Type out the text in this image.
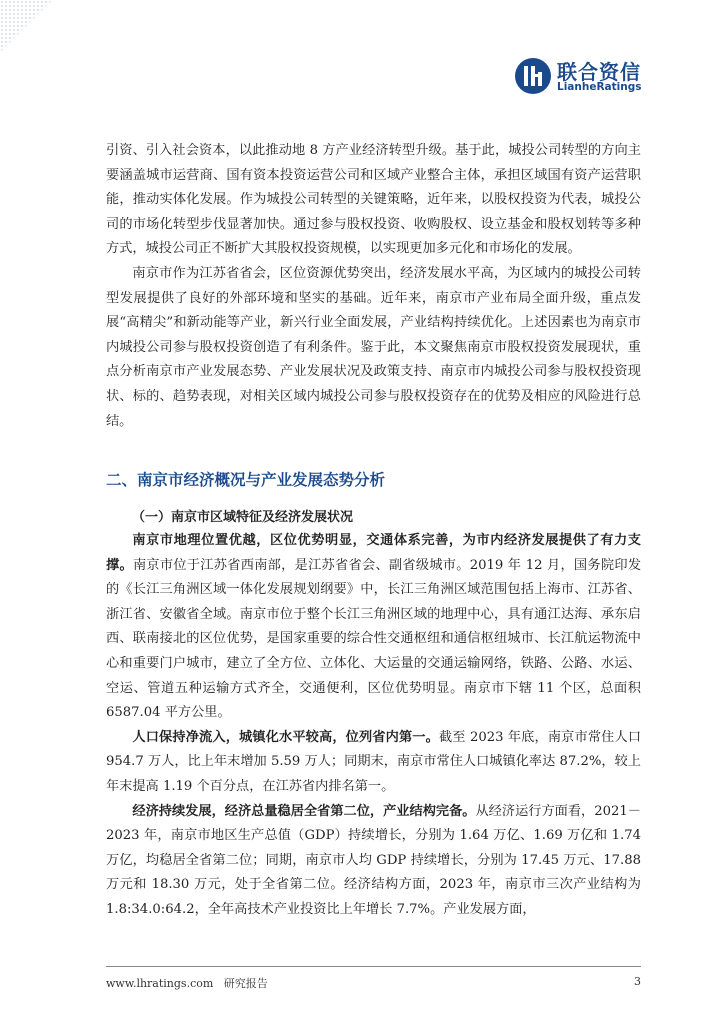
联合资信
LianheRatings

引资、引入社会资本，以此推动地 8 方产业经济转型升级。基于此，城投公司转型的方向主要涵盖城市运营商、国有资本投资运营公司和区域产业整合主体，承担区域国有资产运营职能，推动实体化发展。作为城投公司转型的关键策略，近年来，以股权投资为代表，城投公司的市场化转型步伐显著加快。通过参与股权投资、收购股权、设立基金和股权划转等多种方式，城投公司正不断扩大其股权投资规模，以实现更加多元化和市场化的发展。

南京市作为江苏省省会，区位资源优势突出，经济发展水平高，为区域内的城投公司转型发展提供了良好的外部环境和坚实的基础。近年来，南京市产业布局全面升级，重点发展“高精尖”和新动能等产业，新兴行业全面发展，产业结构持续优化。上述因素也为南京市内城投公司参与股权投资创造了有利条件。鉴于此，本文聚焦南京市股权投资发展现状，重点分析南京市产业发展态势、产业发展状况及政策支持、南京市内城投公司参与股权投资现状、标的、趋势表现，对相关区域内城投公司参与股权投资存在的优势及相应的风险进行总结。

二、南京市经济概况与产业发展态势分析
（一）南京市区域特征及经济发展状况

南京市地理位置优越，区位优势明显，交通体系完善，为市内经济发展提供了有力支撑。南京市位于江苏省西南部，是江苏省省会、副省级城市。2019 年 12 月，国务院印发的《长江三角洲区域一体化发展规划纲要》中，长江三角洲区域范围包括上海市、江苏省、浙江省、安徽省全域。南京市位于整个长江三角洲区域的地理中心，具有通江达海、承东启西、联南接北的区位优势，是国家重要的综合性交通枢纽和通信枢纽城市、长江航运物流中心和重要门户城市，建立了全方位、立体化、大运量的交通运输网络，铁路、公路、水运、空运、管道五种运输方式齐全，交通便利，区位优势明显。南京市下辖 11 个区，总面积 6587.04 平方公里。

人口保持净流入，城镇化水平较高，位列省内第一。截至 2023 年底，南京市常住人口 954.7 万人，比上年末增加 5.59 万人；同期末，南京市常住人口城镇化率达 87.2%，较上年末提高 1.19 个百分点，在江苏省内排名第一。

经济持续发展，经济总量稳居全省第二位，产业结构完备。从经济运行方面看，2021－2023 年，南京市地区生产总值（GDP）持续增长，分别为 1.64 万亿、1.69 万亿和 1.74 万亿，均稳居全省第二位；同期，南京市人均 GDP 持续增长，分别为 17.45 万元、17.88 万元和 18.30 万元，处于全省第二位。经济结构方面，2023 年，南京市三次产业结构为 1.8:34.0:64.2，全年高技术产业投资比上年增长 7.7%。产业发展方面，

www.lhratings.com 研究报告	3
